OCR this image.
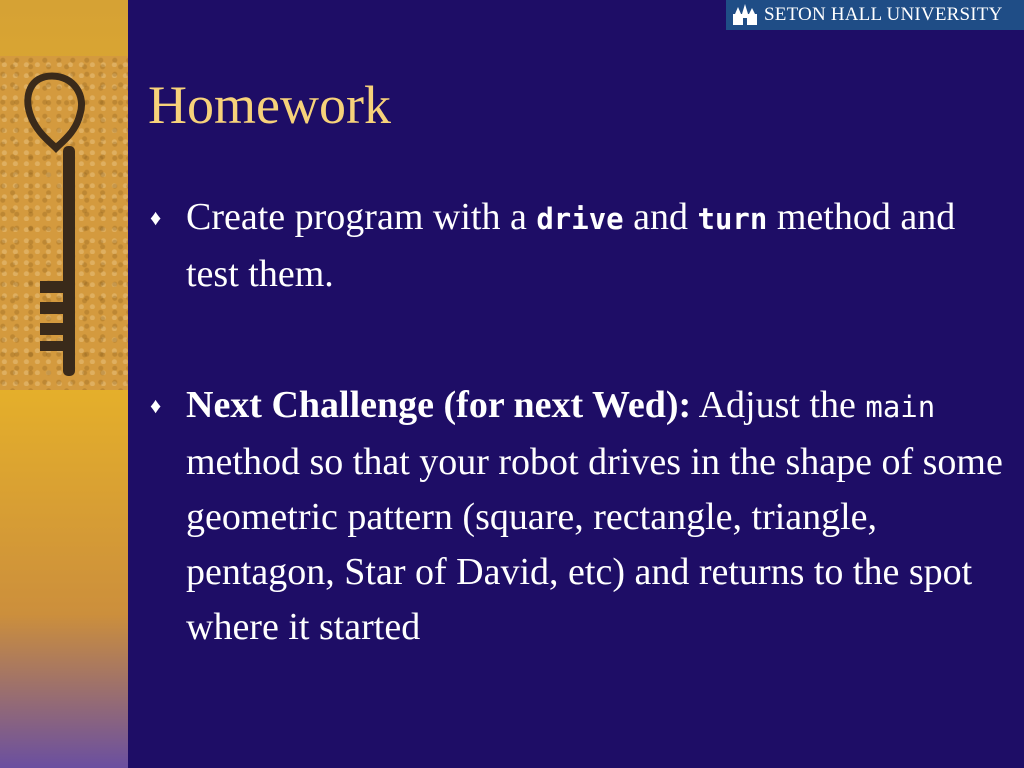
SETON HALL UNIVERSITY
Homework
♦ Create program with a drive and turn method and test them.
♦ Next Challenge (for next Wed): Adjust the main method so that your robot drives in the shape of some geometric pattern (square, rectangle, triangle, pentagon, Star of David, etc) and returns to the spot where it started
